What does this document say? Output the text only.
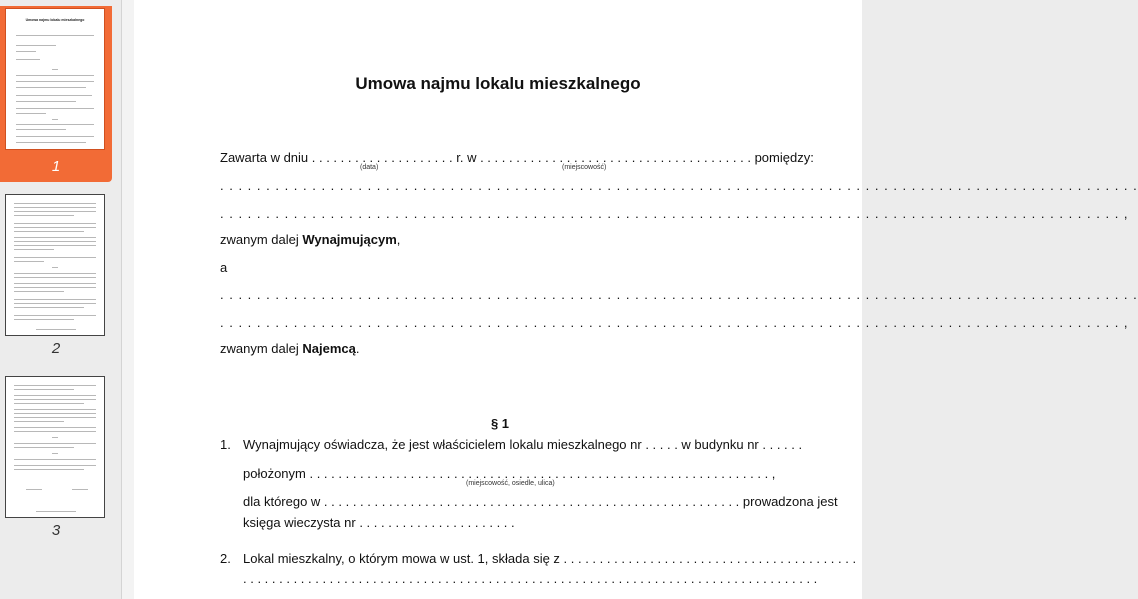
Umowa najmu lokalu mieszkalnego
1
2
3
Umowa najmu lokalu mieszkalnego
Zawarta w dniu . . . . . . . . . . . . . . . . . . . . r. w . . . . . . . . . . . . . . . . . . . . . . . . . . . . . . . . . . . . . . pomiędzy:
(data)	(miejscowość)
. . . . . . . . . . . . . . . . . . . . . . . . . . . . . . . . . . . . . . . . . . . . . . . . . . . . . . . . . . . . . . . . . . . . . . . . . . . . . . . . . . . . . . . . . . . . . . . . . . . .
. . . . . . . . . . . . . . . . . . . . . . . . . . . . . . . . . . . . . . . . . . . . . . . . . . . . . . . . . . . . . . . . . . . . . . . . . . . . . . . . . . . . . . . . . . . . . . . . . . ,
zwanym dalej Wynajmującym,
a
. . . . . . . . . . . . . . . . . . . . . . . . . . . . . . . . . . . . . . . . . . . . . . . . . . . . . . . . . . . . . . . . . . . . . . . . . . . . . . . . . . . . . . . . . . . . . . . . . . . .
. . . . . . . . . . . . . . . . . . . . . . . . . . . . . . . . . . . . . . . . . . . . . . . . . . . . . . . . . . . . . . . . . . . . . . . . . . . . . . . . . . . . . . . . . . . . . . . . . . ,
zwanym dalej Najemcą.
§ 1
1. Wynajmujący oświadcza, że jest właścicielem lokalu mieszkalnego nr . . . . . w budynku nr . . . . . .
położonym . . . . . . . . . . . . . . . . . . . . . . . . . . . . . . . . . . . . . . . . . . . . . . . . . . . . . . . . . . . . . . . . ,
(miejscowość, osiedle, ulica)
dla którego w . . . . . . . . . . . . . . . . . . . . . . . . . . . . . . . . . . . . . . . . . . . . . . . . . . . . . . . . . . prowadzona jest
księga wieczysta nr . . . . . . . . . . . . . . . . . . . . . .
2. Lokal mieszkalny, o którym mowa w ust. 1, składa się z . . . . . . . . . . . . . . . . . . . . . . . . . . . . . . . . . . . . . . . . .
. . . . . . . . . . . . . . . . . . . . . . . . . . . . . . . . . . . . . . . . . . . . . . . . . . . . . . . . . . . . . . . . . . . . . . . . . . . . . . . .
